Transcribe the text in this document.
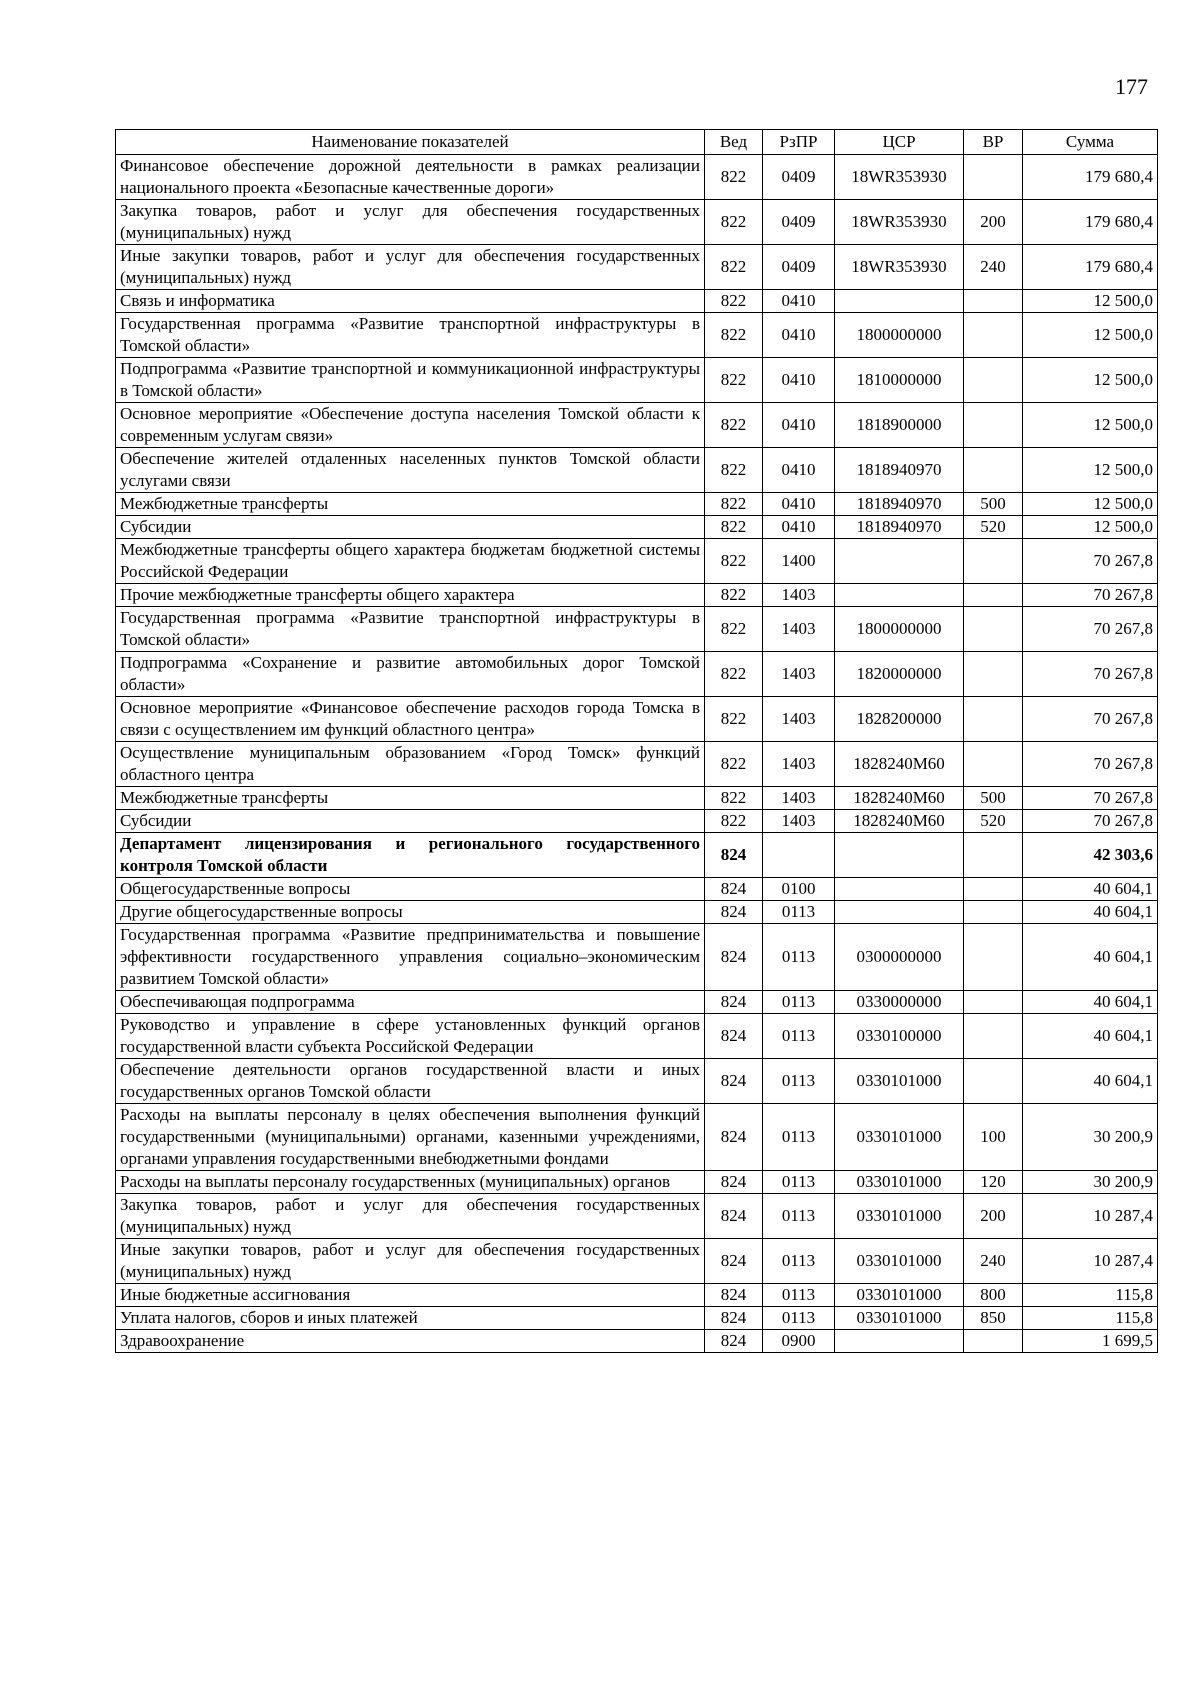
177
Наименование показателей	Вед	РзПР	ЦСР	ВР	Сумма
Финансовое обеспечение дорожной деятельности в рамках реализации национального проекта «Безопасные качественные дороги»	822	0409	18WR353930		179 680,4
Закупка товаров, работ и услуг для обеспечения государственных (муниципальных) нужд	822	0409	18WR353930	200	179 680,4
Иные закупки товаров, работ и услуг для обеспечения государственных (муниципальных) нужд	822	0409	18WR353930	240	179 680,4
Связь и информатика	822	0410			12 500,0
Государственная программа «Развитие транспортной инфраструктуры в Томской области»	822	0410	1800000000		12 500,0
Подпрограмма «Развитие транспортной и коммуникационной инфраструктуры в Томской области»	822	0410	1810000000		12 500,0
Основное мероприятие «Обеспечение доступа населения Томской области к современным услугам связи»	822	0410	1818900000		12 500,0
Обеспечение жителей отдаленных населенных пунктов Томской области услугами связи	822	0410	1818940970		12 500,0
Межбюджетные трансферты	822	0410	1818940970	500	12 500,0
Субсидии	822	0410	1818940970	520	12 500,0
Межбюджетные трансферты общего характера бюджетам бюджетной системы Российской Федерации	822	1400			70 267,8
Прочие межбюджетные трансферты общего характера	822	1403			70 267,8
Государственная программа «Развитие транспортной инфраструктуры в Томской области»	822	1403	1800000000		70 267,8
Подпрограмма «Сохранение и развитие автомобильных дорог Томской области»	822	1403	1820000000		70 267,8
Основное мероприятие «Финансовое обеспечение расходов города Томска в связи с осуществлением им функций областного центра»	822	1403	1828200000		70 267,8
Осуществление муниципальным образованием «Город Томск» функций областного центра	822	1403	1828240M60		70 267,8
Межбюджетные трансферты	822	1403	1828240M60	500	70 267,8
Субсидии	822	1403	1828240M60	520	70 267,8
Департамент лицензирования и регионального государственного контроля Томской области	824				42 303,6
Общегосударственные вопросы	824	0100			40 604,1
Другие общегосударственные вопросы	824	0113			40 604,1
Государственная программа «Развитие предпринимательства и повышение эффективности государственного управления социально–экономическим развитием Томской области»	824	0113	0300000000		40 604,1
Обеспечивающая подпрограмма	824	0113	0330000000		40 604,1
Руководство и управление в сфере установленных функций органов государственной власти субъекта Российской Федерации	824	0113	0330100000		40 604,1
Обеспечение деятельности органов государственной власти и иных государственных органов Томской области	824	0113	0330101000		40 604,1
Расходы на выплаты персоналу в целях обеспечения выполнения функций государственными (муниципальными) органами, казенными учреждениями, органами управления государственными внебюджетными фондами	824	0113	0330101000	100	30 200,9
Расходы на выплаты персоналу государственных (муниципальных) органов	824	0113	0330101000	120	30 200,9
Закупка товаров, работ и услуг для обеспечения государственных (муниципальных) нужд	824	0113	0330101000	200	10 287,4
Иные закупки товаров, работ и услуг для обеспечения государственных (муниципальных) нужд	824	0113	0330101000	240	10 287,4
Иные бюджетные ассигнования	824	0113	0330101000	800	115,8
Уплата налогов, сборов и иных платежей	824	0113	0330101000	850	115,8
Здравоохранение	824	0900			1 699,5
